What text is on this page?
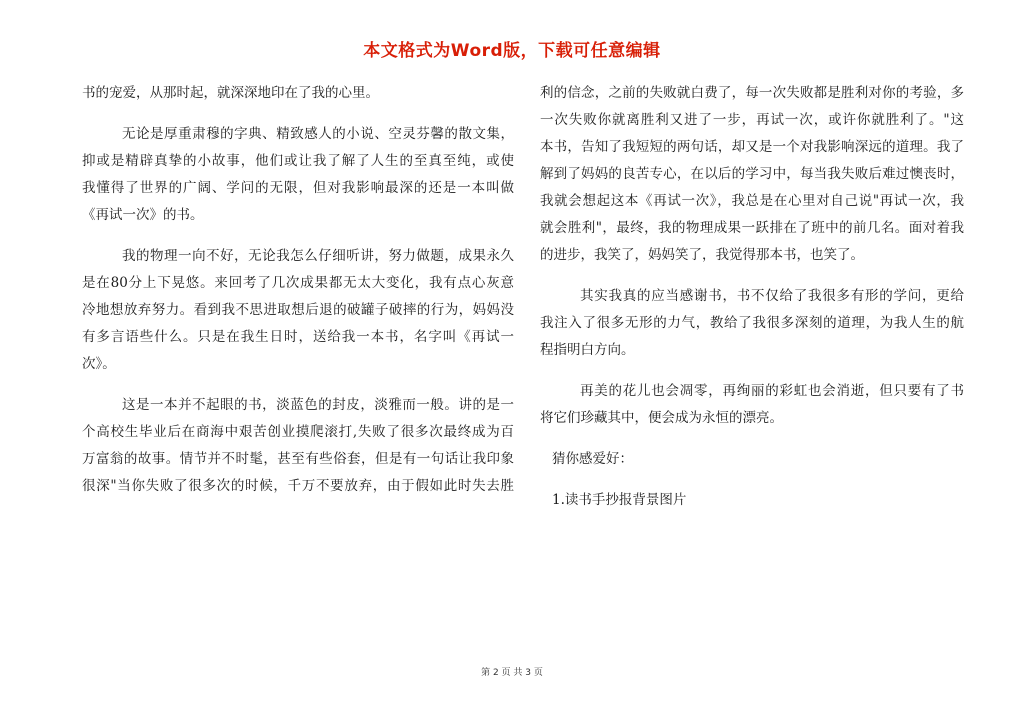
本文格式为Word版，下载可任意编辑
书的宠爱，从那时起，就深深地印在了我的心里。
无论是厚重肃穆的字典、精致感人的小说、空灵芬馨的散文集，
抑或是精辟真挚的小故事，他们或让我了解了人生的至真至纯，或使
我懂得了世界的广阔、学问的无限，但对我影响最深的还是一本叫做
《再试一次》的书。
我的物理一向不好，无论我怎么仔细听讲，努力做题，成果永久
是在80分上下晃悠。来回考了几次成果都无太大变化，我有点心灰意
冷地想放弃努力。看到我不思进取想后退的破罐子破摔的行为，妈妈没
有多言语些什么。只是在我生日时，送给我一本书，名字叫《再试一
次》。
这是一本并不起眼的书，淡蓝色的封皮，淡雅而一般。讲的是一
个高校生毕业后在商海中艰苦创业摸爬滚打,失败了很多次最终成为百
万富翁的故事。情节并不时髦，甚至有些俗套，但是有一句话让我印象
很深"当你失败了很多次的时候，千万不要放弃，由于假如此时失去胜
利的信念，之前的失败就白费了，每一次失败都是胜利对你的考验，多
一次失败你就离胜利又进了一步，再试一次，或许你就胜利了。"这
本书，告知了我短短的两句话，却又是一个对我影响深远的道理。我了
解到了妈妈的良苦专心，在以后的学习中，每当我失败后难过懊丧时，
我就会想起这本《再试一次》，我总是在心里对自己说"再试一次，我
就会胜利"，最终，我的物理成果一跃排在了班中的前几名。面对着我
的进步，我笑了，妈妈笑了，我觉得那本书，也笑了。
其实我真的应当感谢书，书不仅给了我很多有形的学问，更给
我注入了很多无形的力气，教给了我很多深刻的道理，为我人生的航
程指明白方向。
再美的花儿也会凋零，再绚丽的彩虹也会消逝，但只要有了书
将它们珍藏其中，便会成为永恒的漂亮。
猜你感爱好：
1.读书手抄报背景图片
第 2 页 共 3 页
